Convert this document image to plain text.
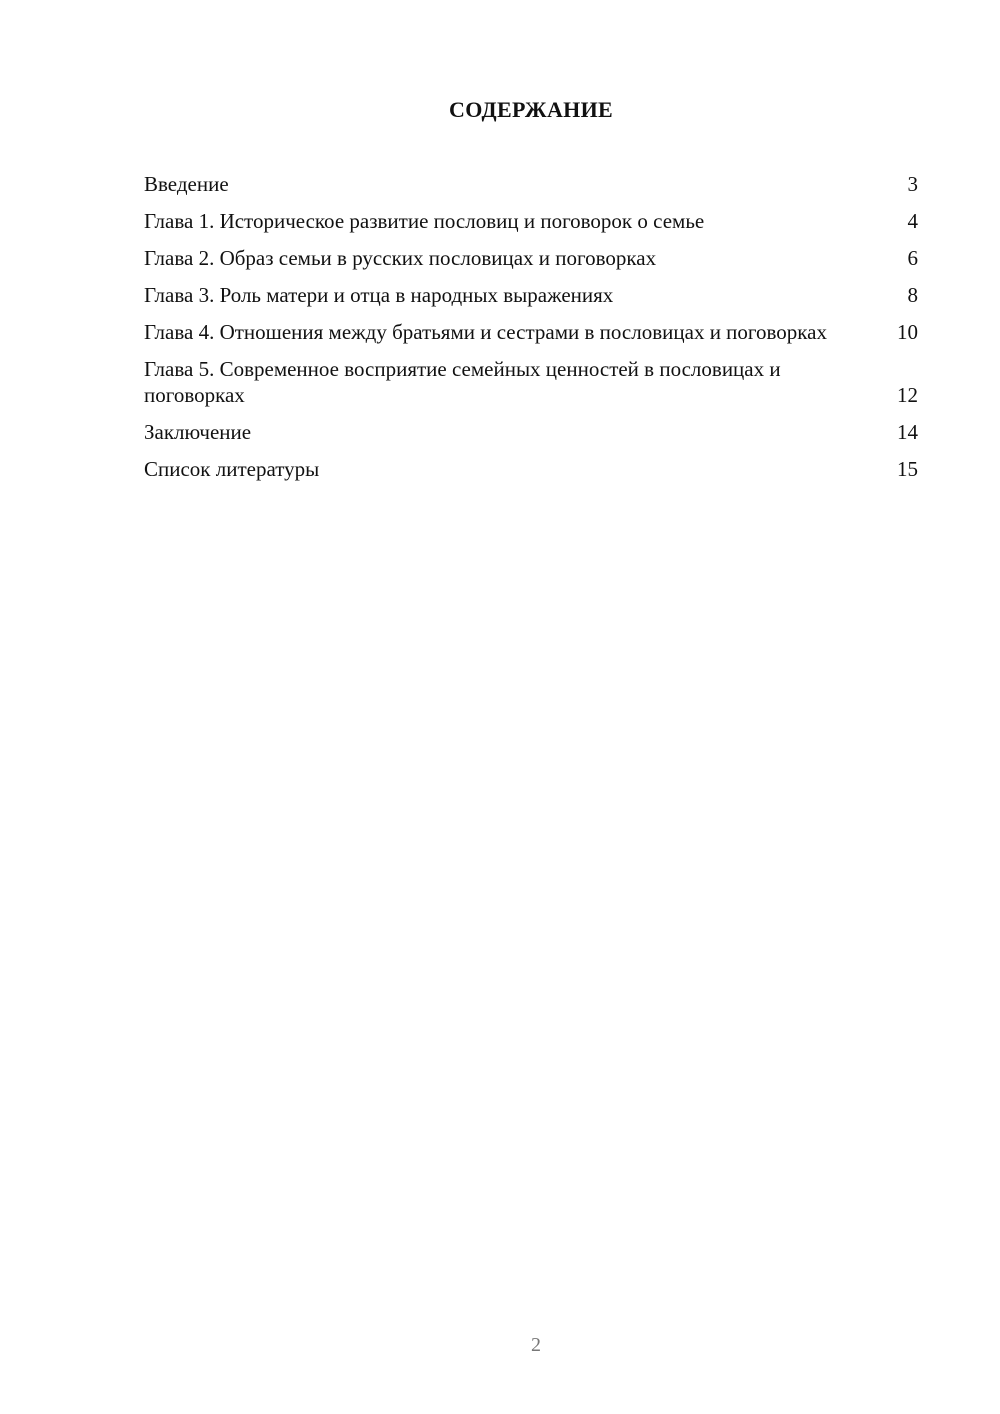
СОДЕРЖАНИЕ
Введение	3
Глава 1. Историческое развитие пословиц и поговорок о семье	4
Глава 2. Образ семьи в русских пословицах и поговорках	6
Глава 3. Роль матери и отца в народных выражениях	8
Глава 4. Отношения между братьями и сестрами в пословицах и поговорках	10
Глава 5. Современное восприятие семейных ценностей в пословицах и поговорках	12
Заключение	14
Список литературы	15
2
